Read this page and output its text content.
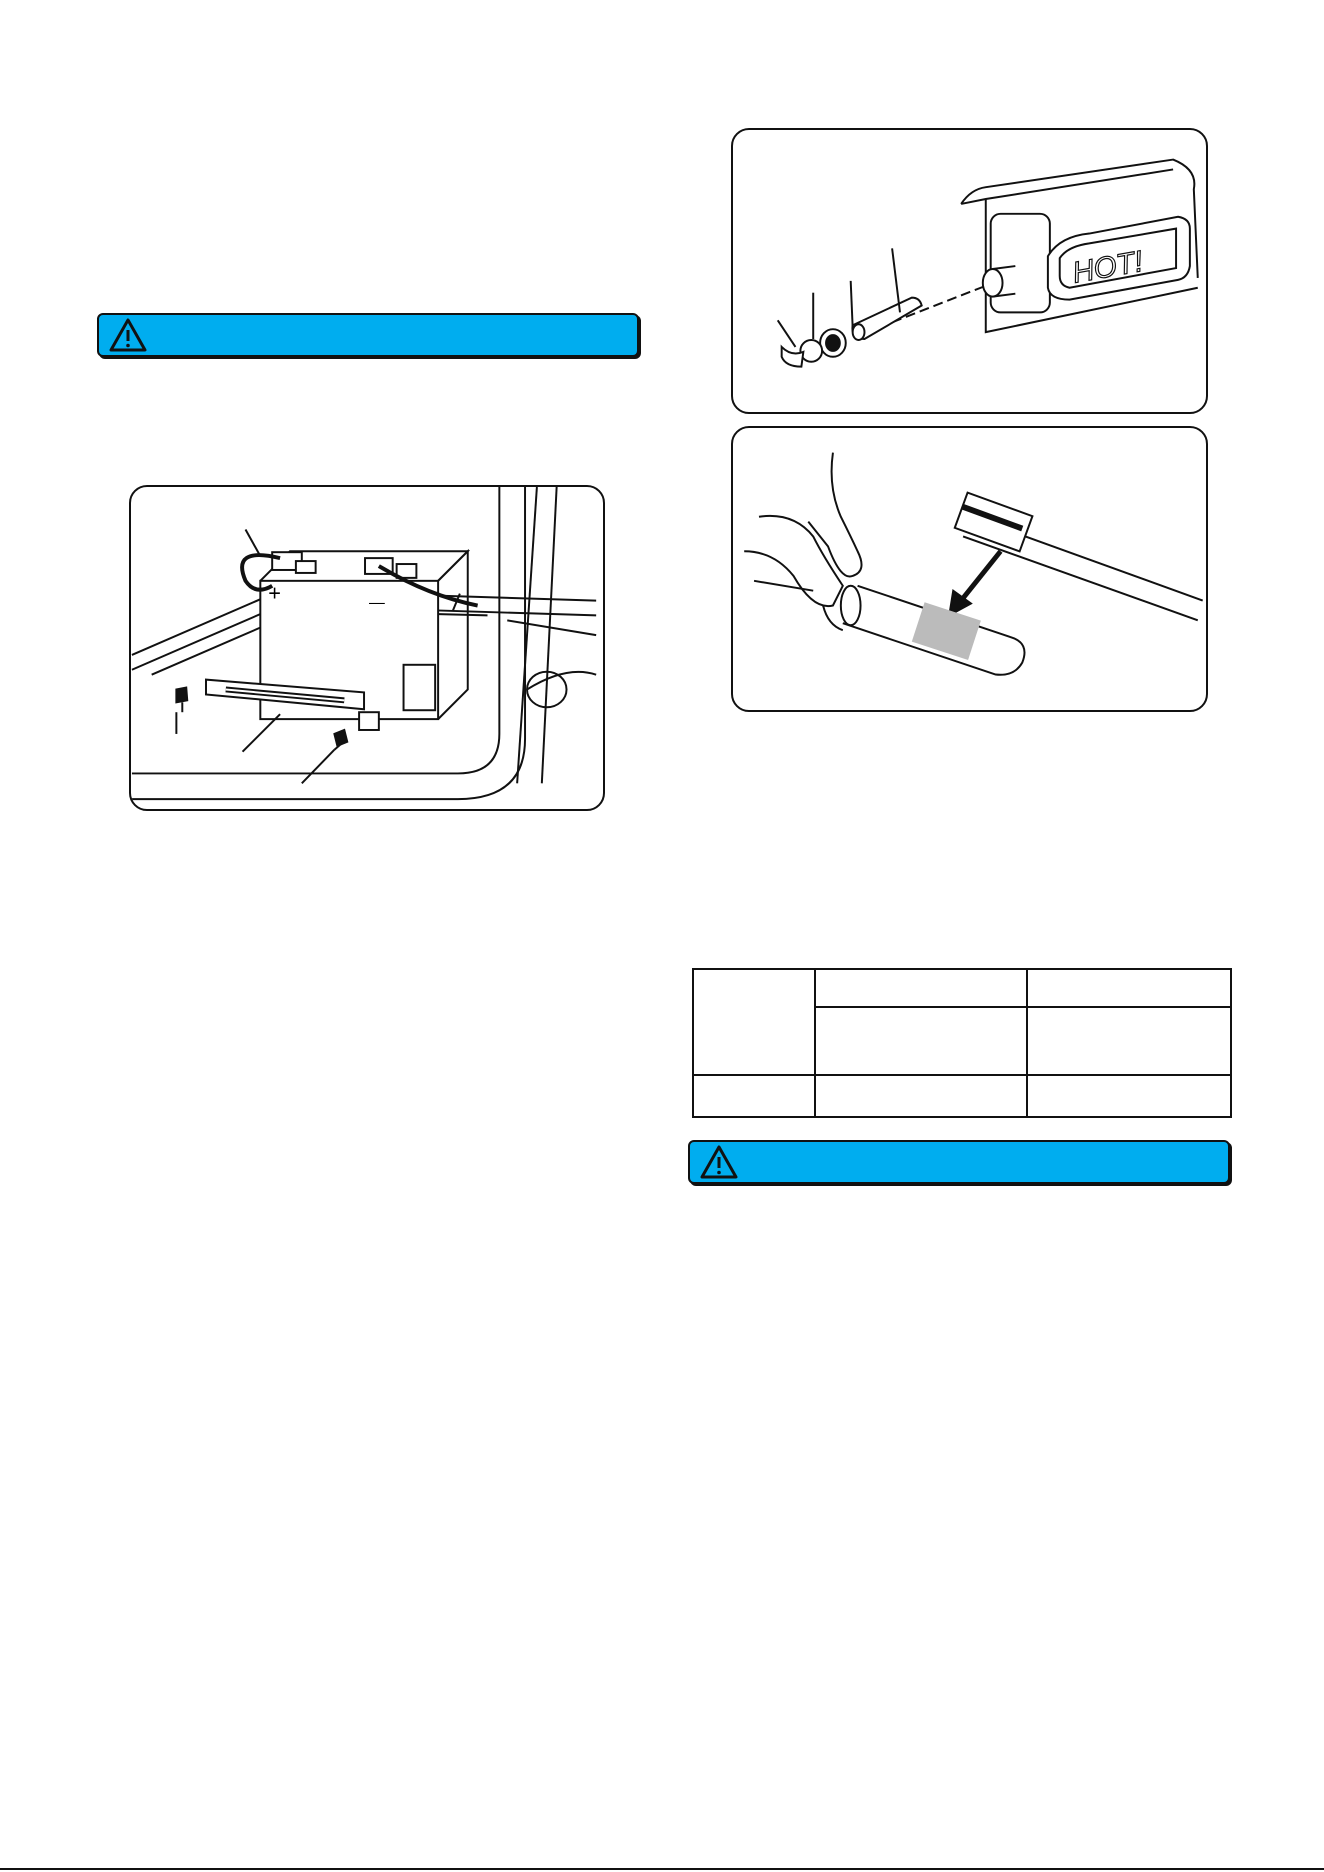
+	—
HOT!
